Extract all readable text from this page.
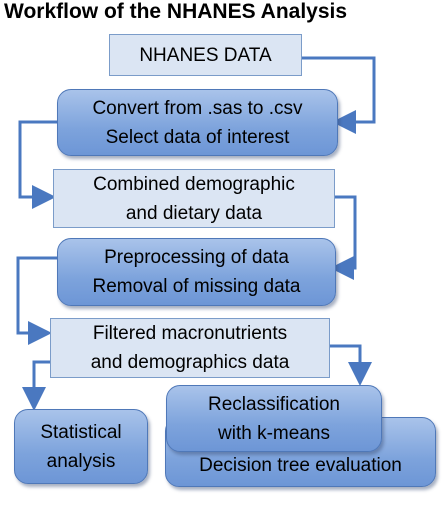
Workflow of the NHANES Analysis
NHANES DATA
Convert from .sas to .csv
Select data of interest
Combined demographic
and dietary data
Preprocessing of data
Removal of missing data
Filtered macronutrients
and demographics data
Statistical
analysis	Decision tree evaluation
Reclassification
with k-means
